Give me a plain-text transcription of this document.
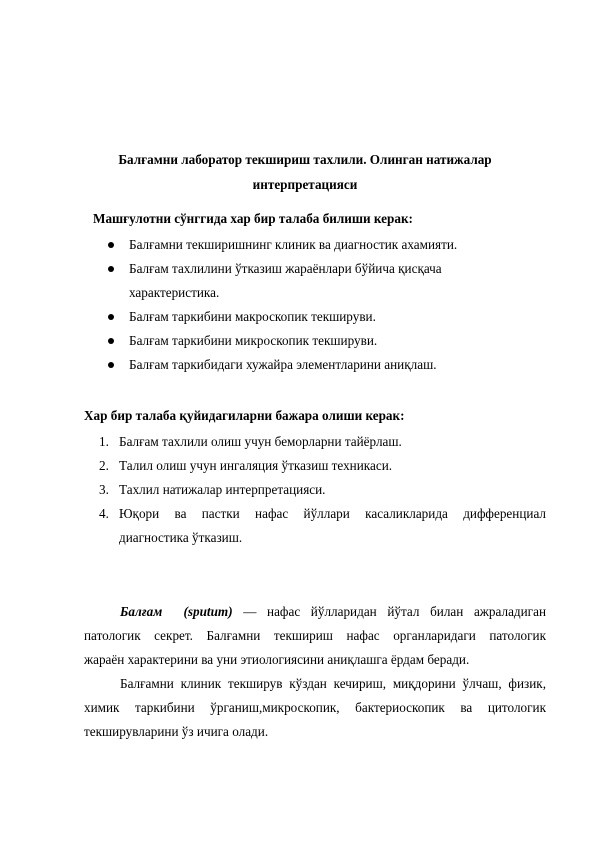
Балғамни лаборатор текшириш тахлили. Олинган натижалар
интерпретацияси
Машғулотни сўнггида хар бир талаба билиши керак:
Балғамни текширишнинг клиник ва диагностик ахамияти.
Балғам тахлилини ўтказиш жараёнлари бўйича қисқача
характеристика.
Балғам таркибини макроскопик текшируви.
Балғам таркибини микроскопик текшируви.
Балғам таркибидаги хужайра элементларини аниқлаш.
Хар бир талаба қуйидагиларни бажара олиши керак:
1. Балғам тахлили олиш учун беморларни тайёрлаш.
2. Талил олиш учун ингаляция ўтказиш техникаси.
3. Тахлил натижалар интерпретацияси.
4. Юқори ва пастки нафас йўллари касаликларида дифференциал
диагностика ўтказиш.
Балғам (sputum) — нафас йўлларидан йўтал билан ажраладиган
патологик секрет. Балғамни текшириш нафас органларидаги патологик
жараён характерини ва уни этиологиясини аниқлашга ёрдам беради.
Балғамни клиник текширув кўздан кечириш, миқдорини ўлчаш, физик,
химик таркибини ўрганиш,микроскопик, бактериоскопик ва цитологик
текширувларини ўз ичига олади.
